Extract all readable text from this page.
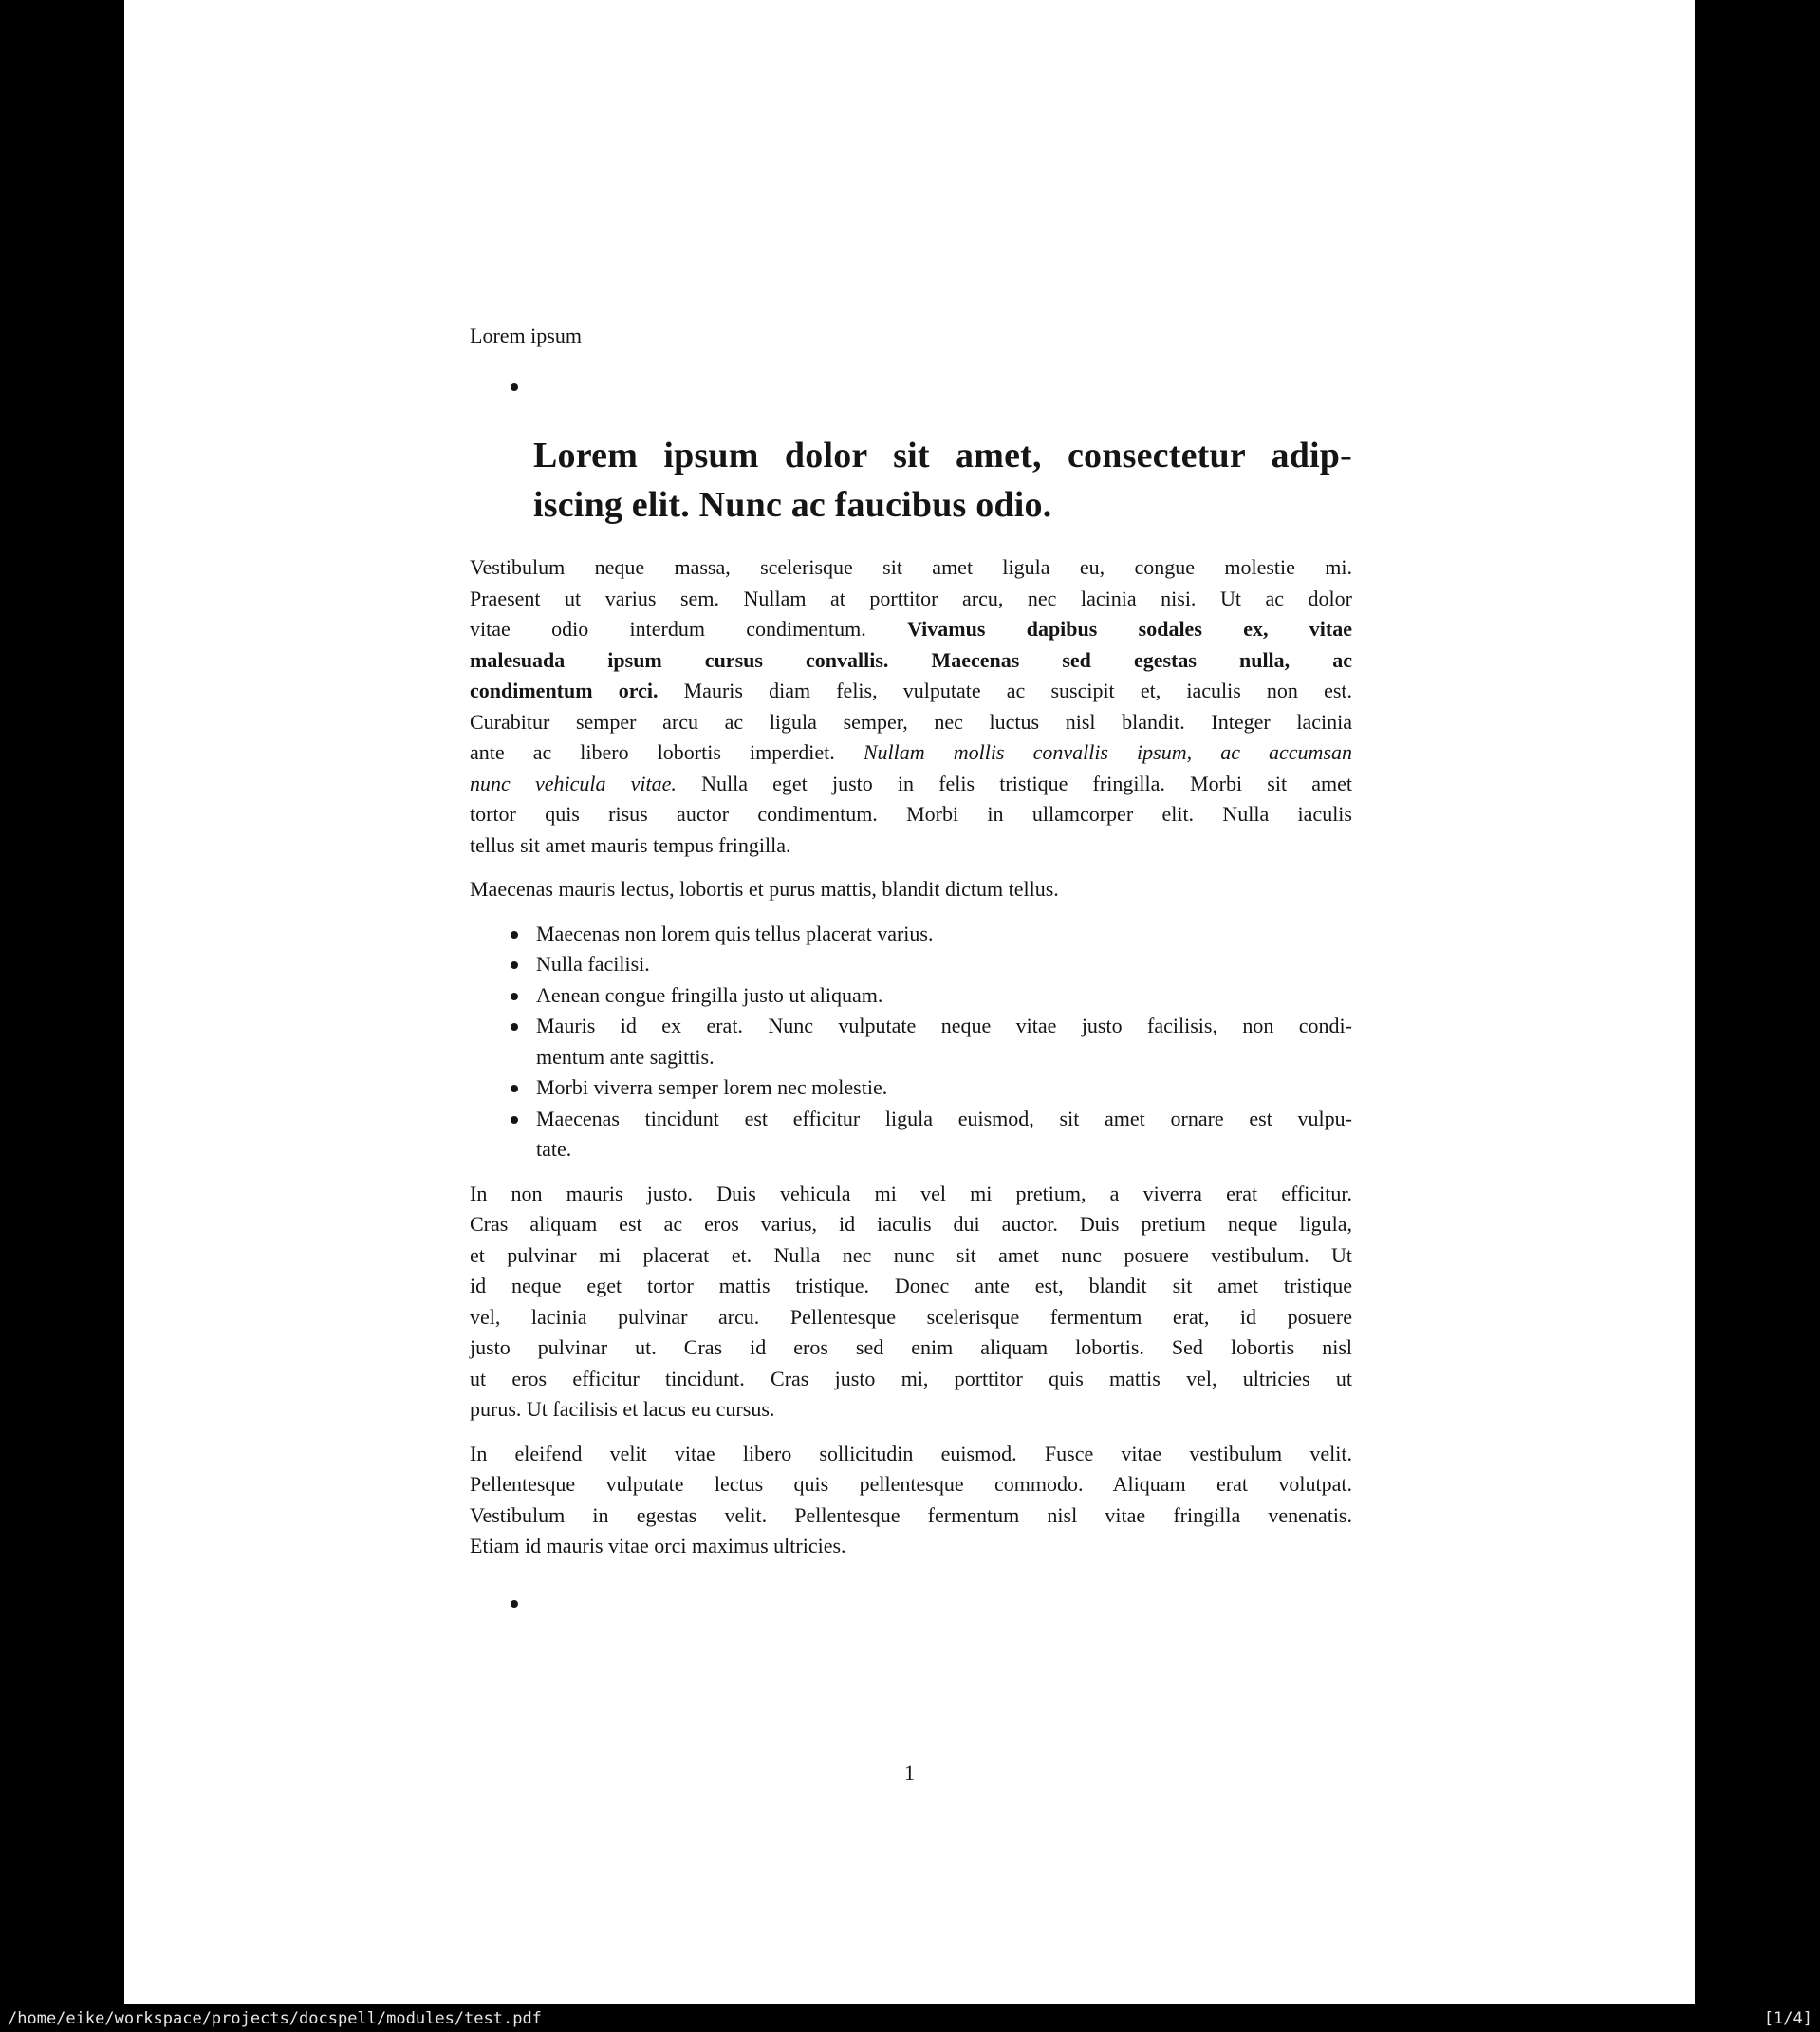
Lorem ipsum
Lorem ipsum dolor sit amet, consectetur adip-
iscing elit. Nunc ac faucibus odio.
Vestibulum neque massa, scelerisque sit amet ligula eu, congue molestie mi.
Praesent ut varius sem. Nullam at porttitor arcu, nec lacinia nisi. Ut ac dolor
vitae odio interdum condimentum. Vivamus dapibus sodales ex, vitae
malesuada ipsum cursus convallis. Maecenas sed egestas nulla, ac
condimentum orci. Mauris diam felis, vulputate ac suscipit et, iaculis non est.
Curabitur semper arcu ac ligula semper, nec luctus nisl blandit. Integer lacinia
ante ac libero lobortis imperdiet. Nullam mollis convallis ipsum, ac accumsan
nunc vehicula vitae. Nulla eget justo in felis tristique fringilla. Morbi sit amet
tortor quis risus auctor condimentum. Morbi in ullamcorper elit. Nulla iaculis
tellus sit amet mauris tempus fringilla.
Maecenas mauris lectus, lobortis et purus mattis, blandit dictum tellus.
Maecenas non lorem quis tellus placerat varius.
Nulla facilisi.
Aenean congue fringilla justo ut aliquam.
Mauris id ex erat. Nunc vulputate neque vitae justo facilisis, non condi-
mentum ante sagittis.
Morbi viverra semper lorem nec molestie.
Maecenas tincidunt est efficitur ligula euismod, sit amet ornare est vulpu-
tate.
In non mauris justo. Duis vehicula mi vel mi pretium, a viverra erat efficitur.
Cras aliquam est ac eros varius, id iaculis dui auctor. Duis pretium neque ligula,
et pulvinar mi placerat et. Nulla nec nunc sit amet nunc posuere vestibulum. Ut
id neque eget tortor mattis tristique. Donec ante est, blandit sit amet tristique
vel, lacinia pulvinar arcu. Pellentesque scelerisque fermentum erat, id posuere
justo pulvinar ut. Cras id eros sed enim aliquam lobortis. Sed lobortis nisl
ut eros efficitur tincidunt. Cras justo mi, porttitor quis mattis vel, ultricies ut
purus. Ut facilisis et lacus eu cursus.
In eleifend velit vitae libero sollicitudin euismod. Fusce vitae vestibulum velit.
Pellentesque vulputate lectus quis pellentesque commodo. Aliquam erat volutpat.
Vestibulum in egestas velit. Pellentesque fermentum nisl vitae fringilla venenatis.
Etiam id mauris vitae orci maximus ultricies.
1
/home/eike/workspace/projects/docspell/modules/test.pdf	[1/4]
